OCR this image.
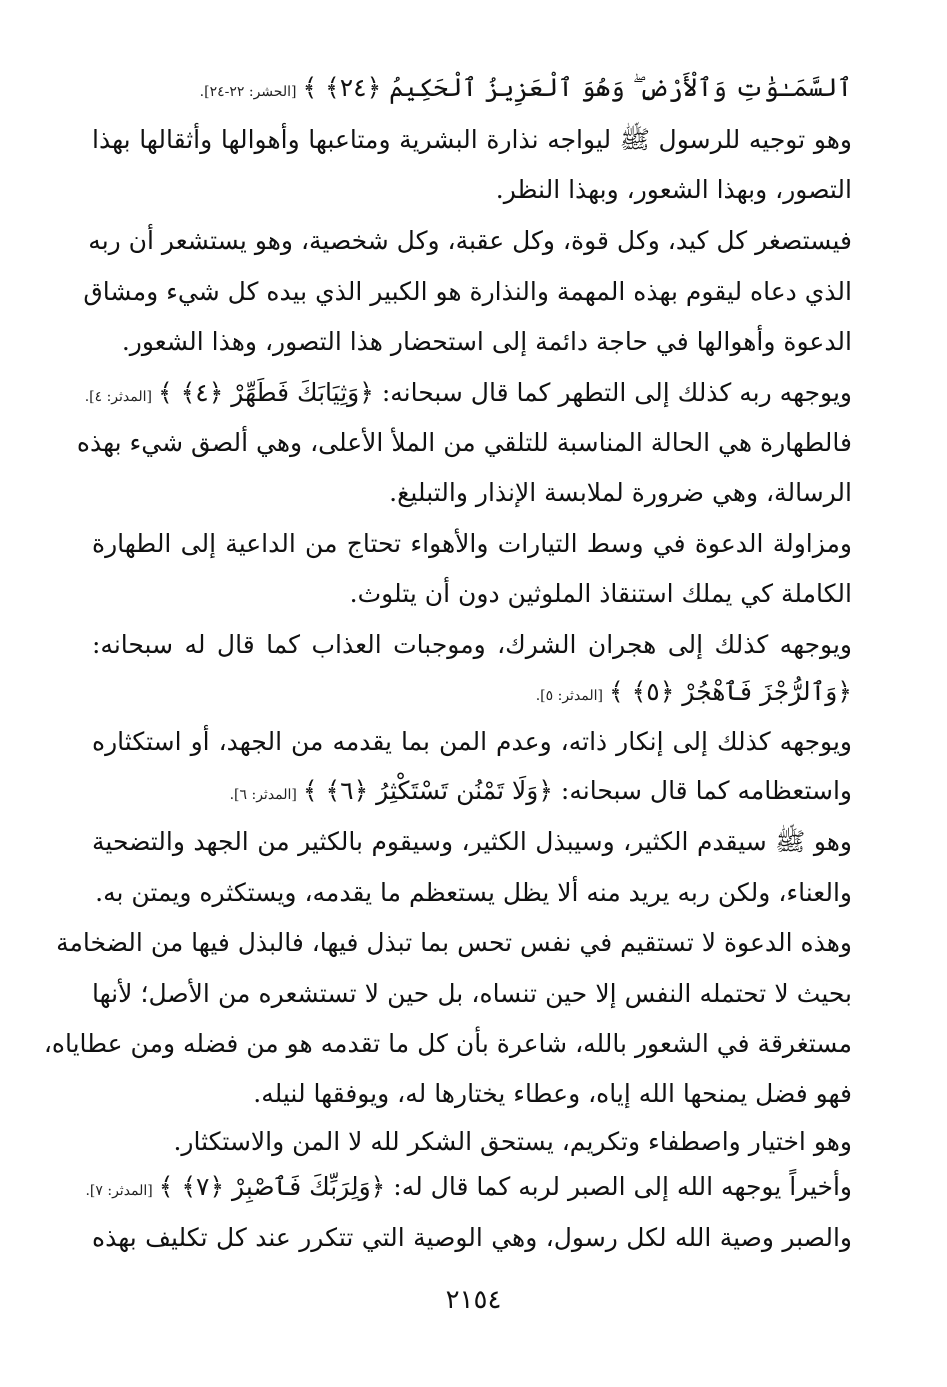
ٱلسَّمَـٰوَٰتِ وَٱلْأَرْضِ ۖ وَهُوَ ٱلْعَزِيزُ ٱلْحَكِيمُ ﴿٢٤﴾ ﴾[الحشر: ٢٢-٢٤].
وهو توجيه للرسول ﷺ ليواجه نذارة البشرية ومتاعبها وأهوالها وأثقالها بهذا
التصور، وبهذا الشعور، وبهذا النظر.
فيستصغر كل كيد، وكل قوة، وكل عقبة، وكل شخصية، وهو يستشعر أن ربه
الذي دعاه ليقوم بهذه المهمة والنذارة هو الكبير الذي بيده كل شيء ومشاق
الدعوة وأهوالها في حاجة دائمة إلى استحضار هذا التصور، وهذا الشعور.
ويوجهه ربه كذلك إلى التطهر كما قال سبحانه: ﴿وَثِيَابَكَ فَطَهِّرْ ﴿٤﴾ ﴾[المدثر: ٤].
فالطهارة هي الحالة المناسبة للتلقي من الملأ الأعلى، وهي ألصق شيء بهذه
الرسالة، وهي ضرورة لملابسة الإنذار والتبليغ.
ومزاولة الدعوة في وسط التيارات والأهواء تحتاج من الداعية إلى الطهارة
الكاملة كي يملك استنقاذ الملوثين دون أن يتلوث.
ويوجهه كذلك إلى هجران الشرك، وموجبات العذاب كما قال له سبحانه:
﴿وَٱلرُّجْزَ فَٱهْجُرْ ﴿٥﴾ ﴾[المدثر: ٥].
ويوجهه كذلك إلى إنكار ذاته، وعدم المن بما يقدمه من الجهد، أو استكثاره
واستعظامه كما قال سبحانه: ﴿وَلَا تَمْنُن تَسْتَكْثِرُ ﴿٦﴾ ﴾[المدثر: ٦].
وهو ﷺ سيقدم الكثير، وسيبذل الكثير، وسيقوم بالكثير من الجهد والتضحية
والعناء، ولكن ربه يريد منه ألا يظل يستعظم ما يقدمه، ويستكثره ويمتن به.
وهذه الدعوة لا تستقيم في نفس تحس بما تبذل فيها، فالبذل فيها من الضخامة
بحيث لا تحتمله النفس إلا حين تنساه، بل حين لا تستشعره من الأصل؛ لأنها
مستغرقة في الشعور بالله، شاعرة بأن كل ما تقدمه هو من فضله ومن عطاياه،
فهو فضل يمنحها الله إياه، وعطاء يختارها له، ويوفقها لنيله.
وهو اختيار واصطفاء وتكريم، يستحق الشكر لله لا المن والاستكثار.
وأخيراً يوجهه الله إلى الصبر لربه كما قال له: ﴿وَلِرَبِّكَ فَٱصْبِرْ ﴿٧﴾ ﴾[المدثر: ٧].
والصبر وصية الله لكل رسول، وهي الوصية التي تتكرر عند كل تكليف بهذه
٢١٥٤
